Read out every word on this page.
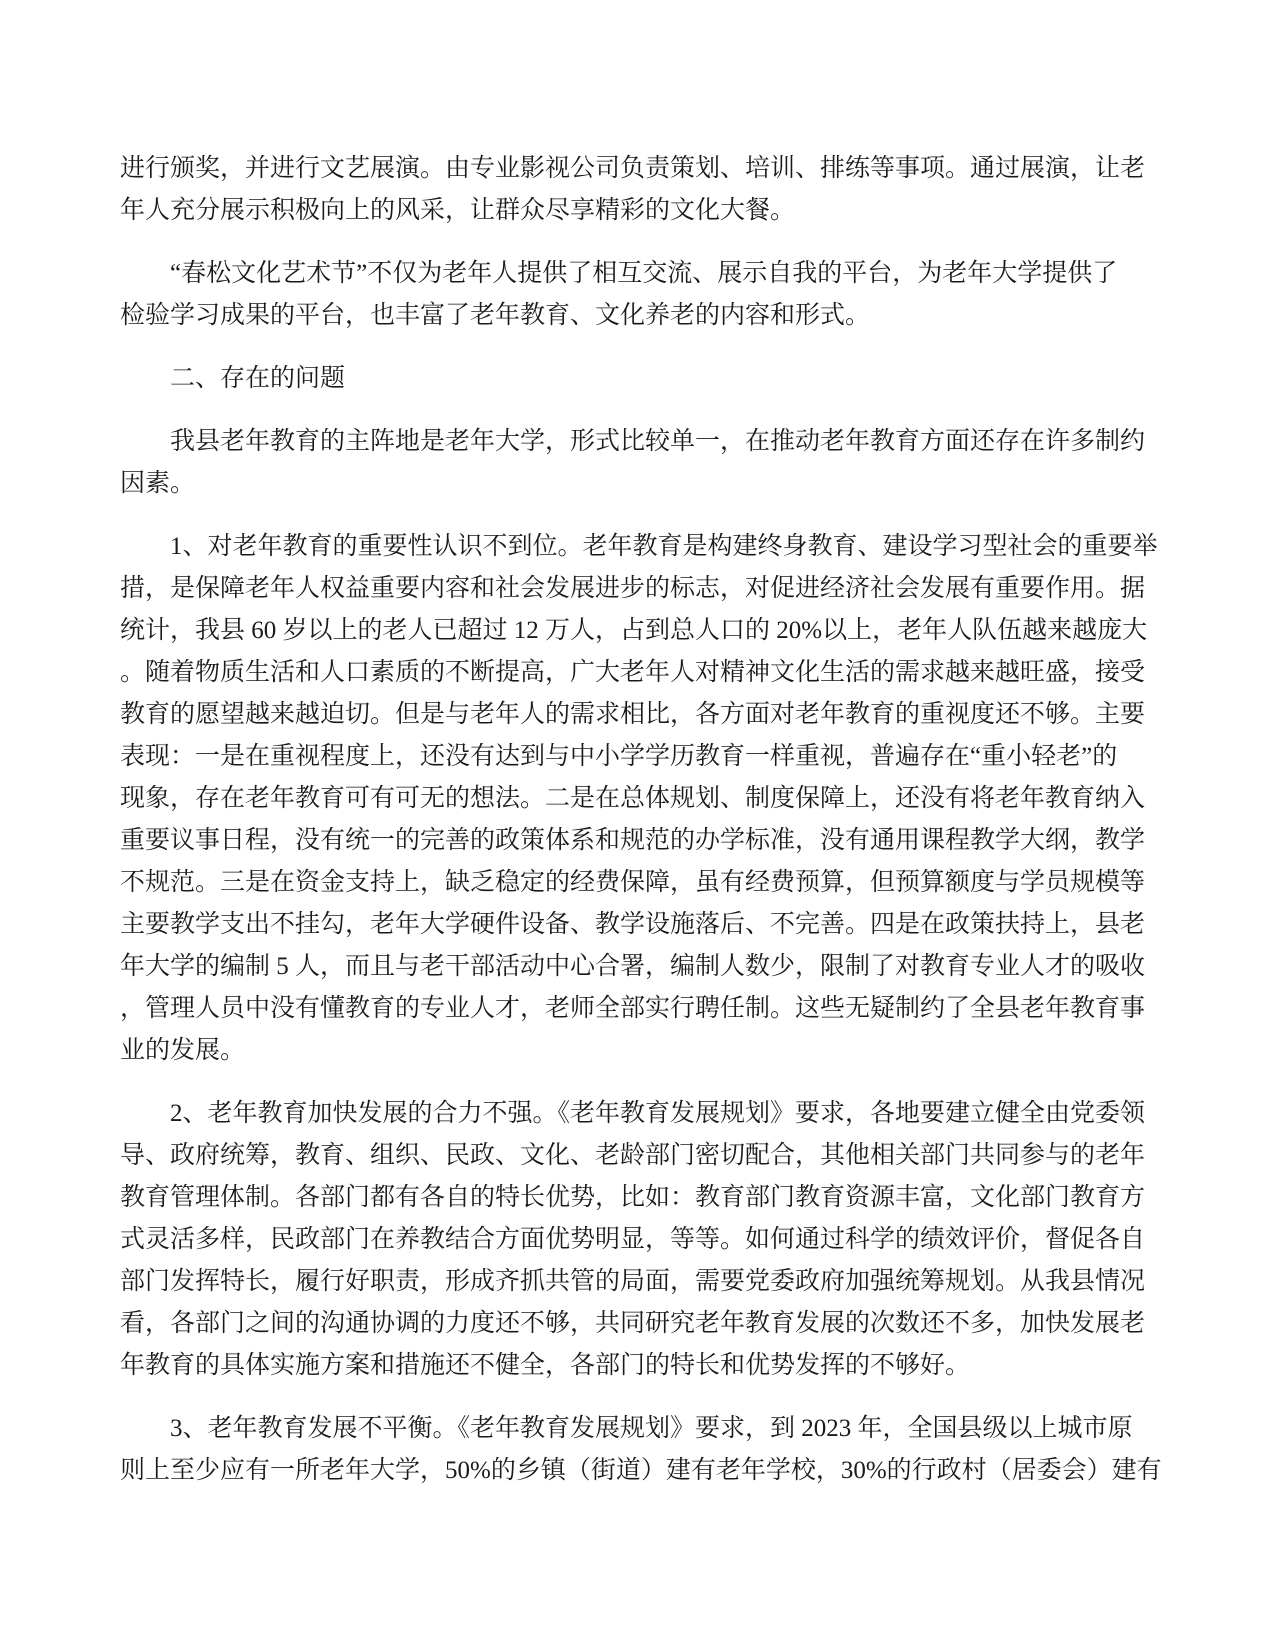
进行颁奖，并进行文艺展演。由专业影视公司负责策划、培训、排练等事项。通过展演，让老
年人充分展示积极向上的风采，让群众尽享精彩的文化大餐。
“春松文化艺术节”不仅为老年人提供了相互交流、展示自我的平台，为老年大学提供了
检验学习成果的平台，也丰富了老年教育、文化养老的内容和形式。
二、存在的问题
我县老年教育的主阵地是老年大学，形式比较单一，在推动老年教育方面还存在许多制约
因素。
1、对老年教育的重要性认识不到位。老年教育是构建终身教育、建设学习型社会的重要举
措，是保障老年人权益重要内容和社会发展进步的标志，对促进经济社会发展有重要作用。据
统计，我县 60 岁以上的老人已超过 12 万人，占到总人口的 20%以上，老年人队伍越来越庞大
。随着物质生活和人口素质的不断提高，广大老年人对精神文化生活的需求越来越旺盛，接受
教育的愿望越来越迫切。但是与老年人的需求相比，各方面对老年教育的重视度还不够。主要
表现：一是在重视程度上，还没有达到与中小学学历教育一样重视，普遍存在“重小轻老”的
现象，存在老年教育可有可无的想法。二是在总体规划、制度保障上，还没有将老年教育纳入
重要议事日程，没有统一的完善的政策体系和规范的办学标准，没有通用课程教学大纲，教学
不规范。三是在资金支持上，缺乏稳定的经费保障，虽有经费预算，但预算额度与学员规模等
主要教学支出不挂勾，老年大学硬件设备、教学设施落后、不完善。四是在政策扶持上，县老
年大学的编制 5 人，而且与老干部活动中心合署，编制人数少，限制了对教育专业人才的吸收
，管理人员中没有懂教育的专业人才，老师全部实行聘任制。这些无疑制约了全县老年教育事
业的发展。
2、老年教育加快发展的合力不强。《老年教育发展规划》要求，各地要建立健全由党委领
导、政府统筹，教育、组织、民政、文化、老龄部门密切配合，其他相关部门共同参与的老年
教育管理体制。各部门都有各自的特长优势，比如：教育部门教育资源丰富，文化部门教育方
式灵活多样，民政部门在养教结合方面优势明显，等等。如何通过科学的绩效评价，督促各自
部门发挥特长，履行好职责，形成齐抓共管的局面，需要党委政府加强统筹规划。从我县情况
看，各部门之间的沟通协调的力度还不够，共同研究老年教育发展的次数还不多，加快发展老
年教育的具体实施方案和措施还不健全，各部门的特长和优势发挥的不够好。
3、老年教育发展不平衡。《老年教育发展规划》要求，到 2023 年，全国县级以上城市原
则上至少应有一所老年大学，50%的乡镇（街道）建有老年学校，30%的行政村（居委会）建有
